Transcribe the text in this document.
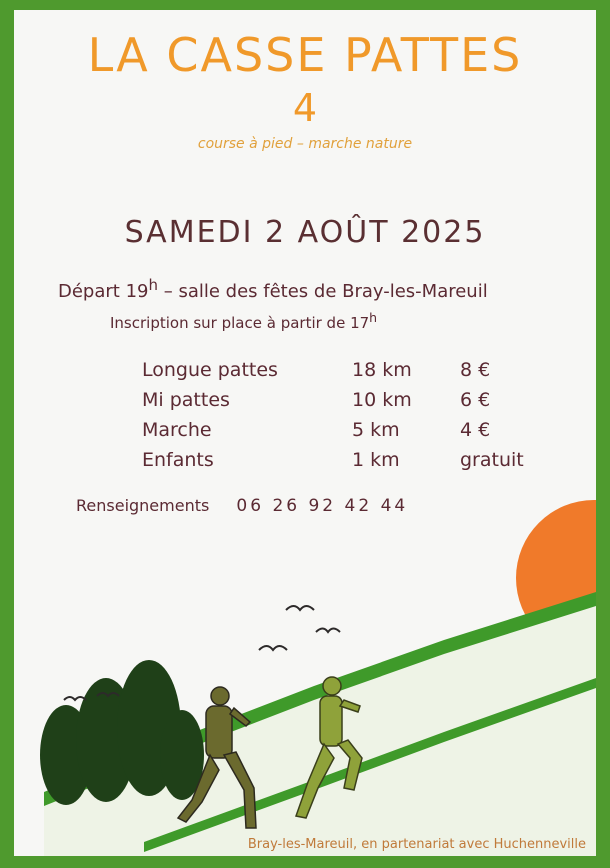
LA CASSE PATTES
4
course à pied – marche nature
SAMEDI 2 AOÛT 2025
Départ 19$^h$ – salle des fêtes de Bray-les-Mareuil
Inscription sur place à partir de 17$^h$
Longue pattes	18 km	8 €
Mi pattes	10 km	6 €
Marche	5 km	4 €
Enfants	1 km	gratuit
Renseignements 06 26 92 42 44
Bray-les-Mareuil, en partenariat avec Huchenneville
